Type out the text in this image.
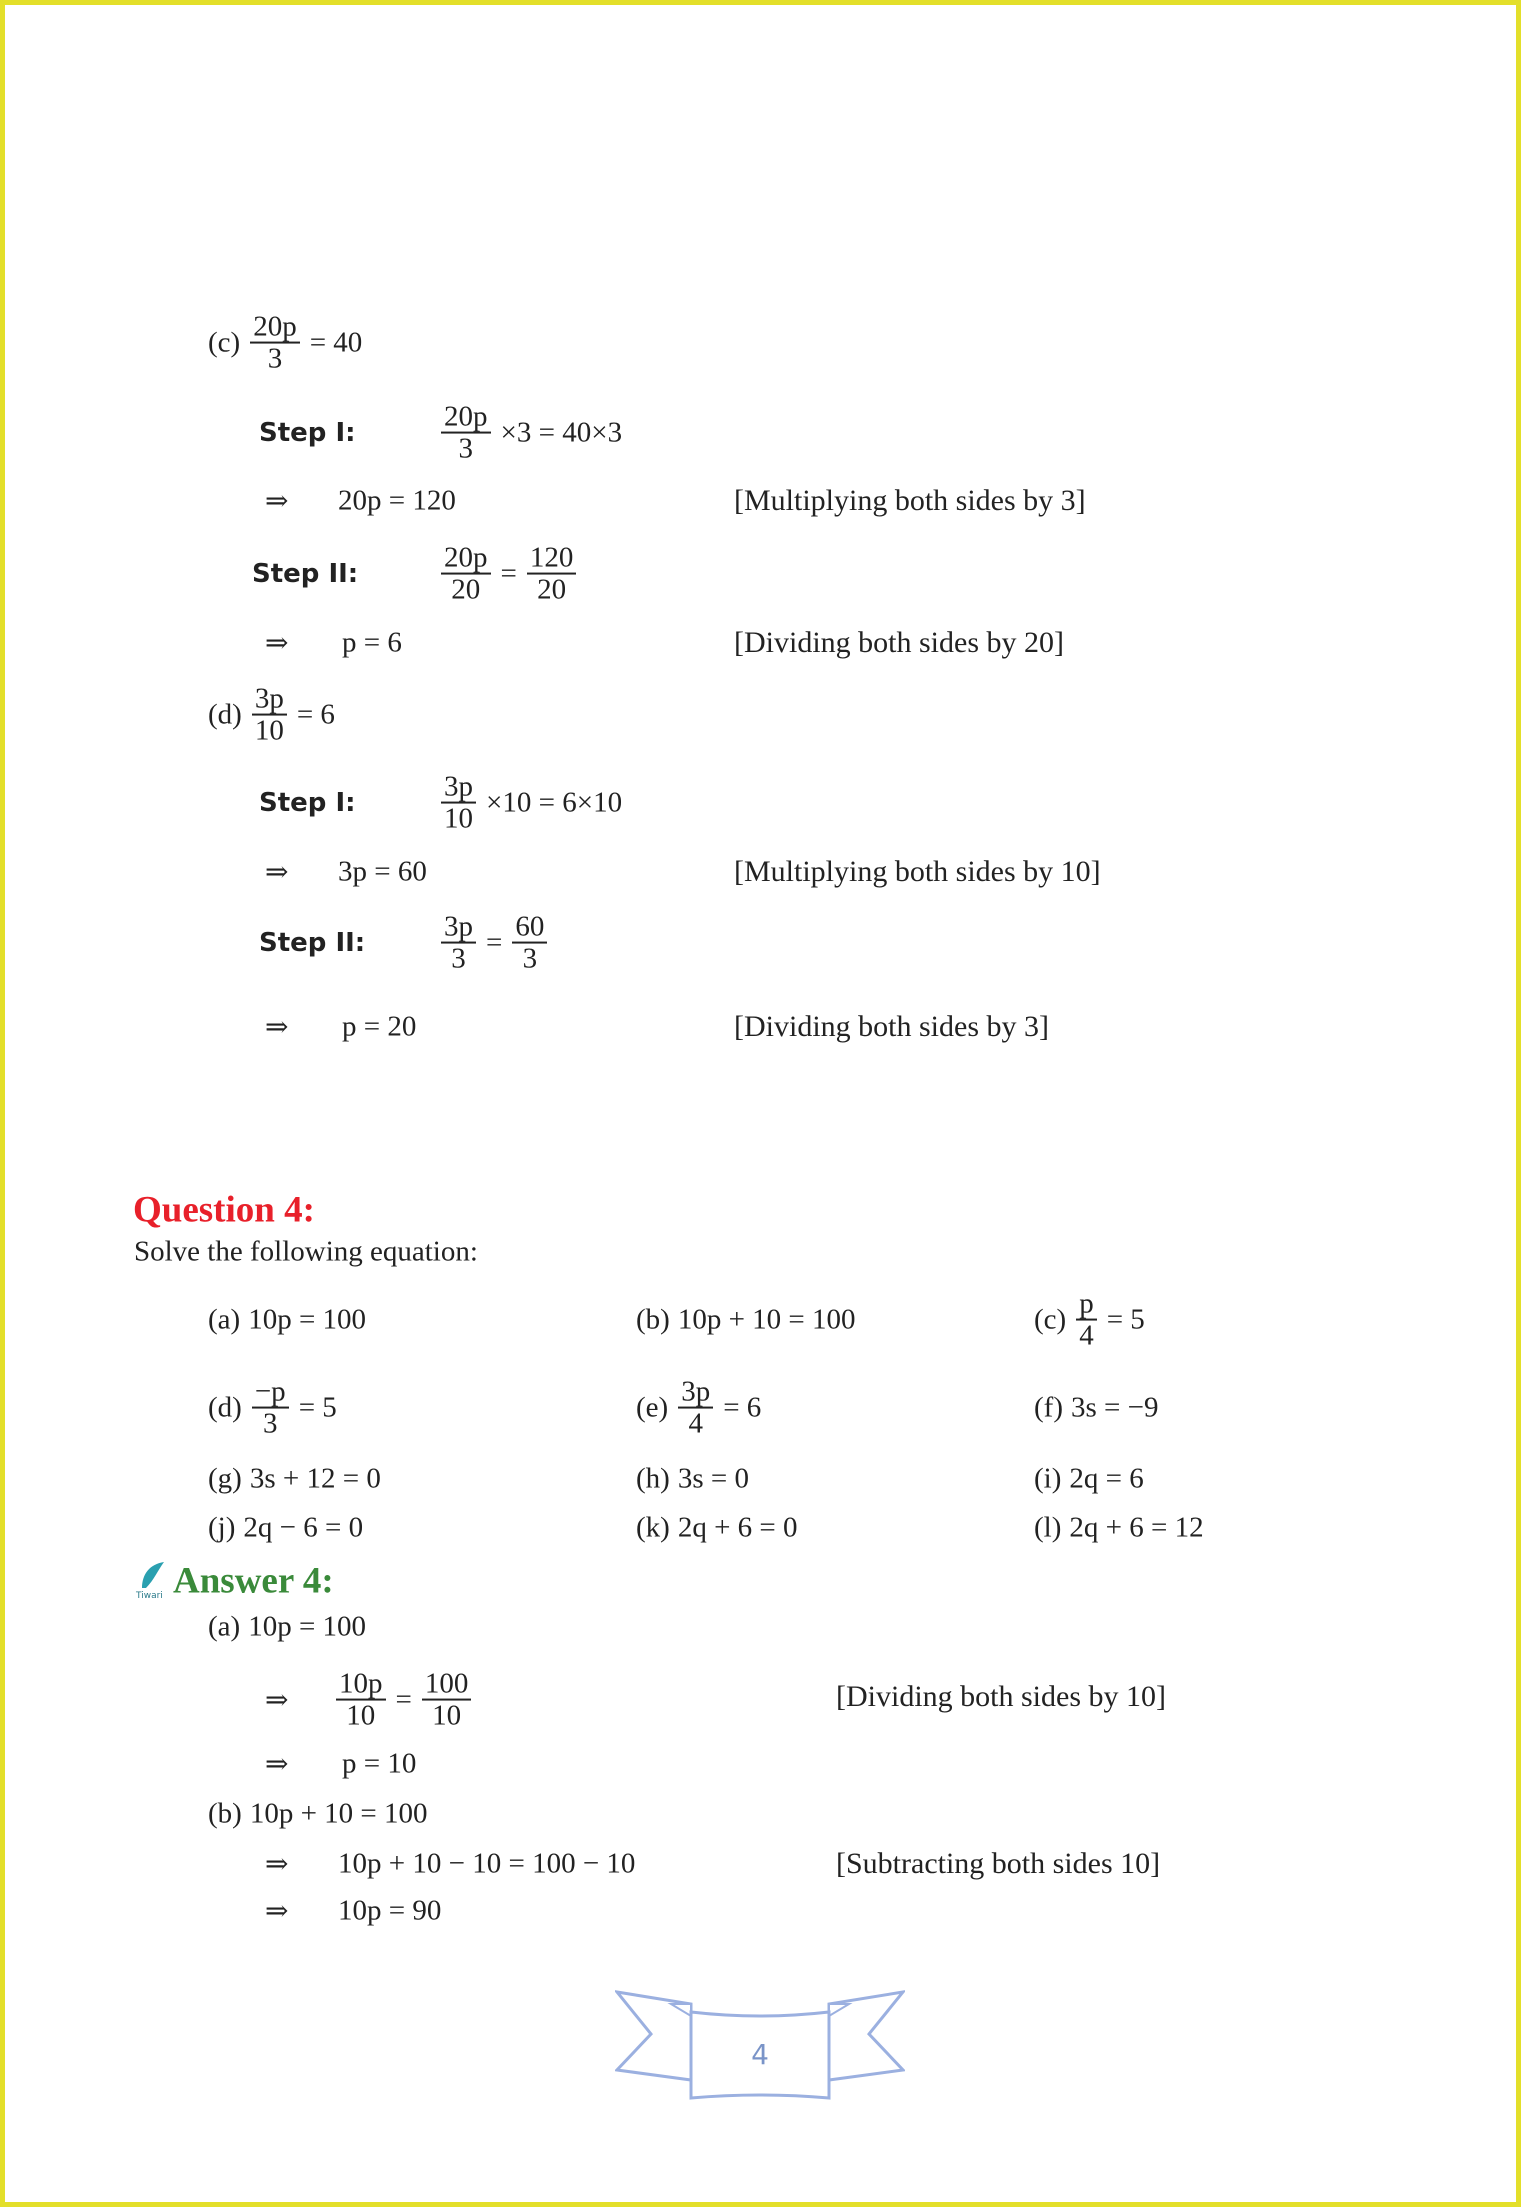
$(c) \frac{20p}{3} = 40$
Step I:	$\frac{20p}{3} \times 3 = 40\times 3$
⇒ 20p = 120	[Multiplying both sides by 3]
Step II:	$\frac{20p}{20} = \frac{120}{20}$
⇒ p = 6	[Dividing both sides by 20]
$(d) \frac{3p}{10} = 6$
Step I:	$\frac{3p}{10} \times 10 = 6\times 10$
⇒ 3p = 60	[Multiplying both sides by 10]
Step II:	$\frac{3p}{3} = \frac{60}{3}$
⇒ p = 20	[Dividing both sides by 3]
Question 4:
Solve the following equation:
(a) 10p = 100	(b) 10p + 10 = 100	$(c) \frac{p}{4} = 5$
$(d) \frac{-p}{3} = 5$	$(e) \frac{3p}{4} = 6$	(f) 3s = −9
(g) 3s + 12 = 0	(h) 3s = 0	(i) 2q = 6
(j) 2q − 6 = 0	(k) 2q + 6 = 0	(l) 2q + 6 = 12
Tiwari Answer 4:
(a) 10p = 100
⇒ $\frac{10p}{10} = \frac{100}{10}$	[Dividing both sides by 10]
⇒ p = 10
(b) 10p + 10 = 100
⇒ 10p + 10 − 10 = 100 − 10	[Subtracting both sides 10]
⇒ 10p = 90
4
